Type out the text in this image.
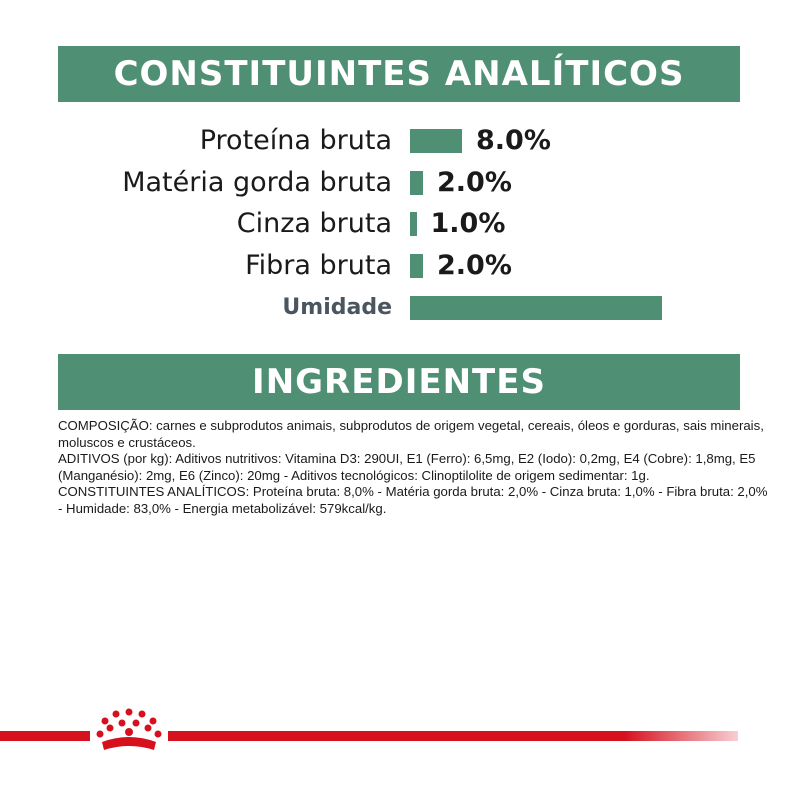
CONSTITUINTES ANALÍTICOS
Proteína bruta	8.0%
Matéria gorda bruta 2.0%
Cinza bruta 1.0%
Fibra bruta 2.0%
Umidade
INGREDIENTES

COMPOSIÇÃO: carnes e subprodutos animais, subprodutos de origem vegetal, cereais, óleos e gorduras, sais minerais, moluscos e crustáceos.

ADITIVOS (por kg): Aditivos nutritivos: Vitamina D3: 290UI, E1 (Ferro): 6,5mg, E2 (Iodo): 0,2mg, E4 (Cobre): 1,8mg, E5 (Manganésio): 2mg, E6 (Zinco): 20mg - Aditivos tecnológicos: Clinoptilolite de origem sedimentar: 1g.

CONSTITUINTES ANALÍTICOS: Proteína bruta: 8,0% - Matéria gorda bruta: 2,0% - Cinza bruta: 1,0% - Fibra bruta: 2,0% - Humidade: 83,0% - Energia metabolizável: 579kcal/kg.
